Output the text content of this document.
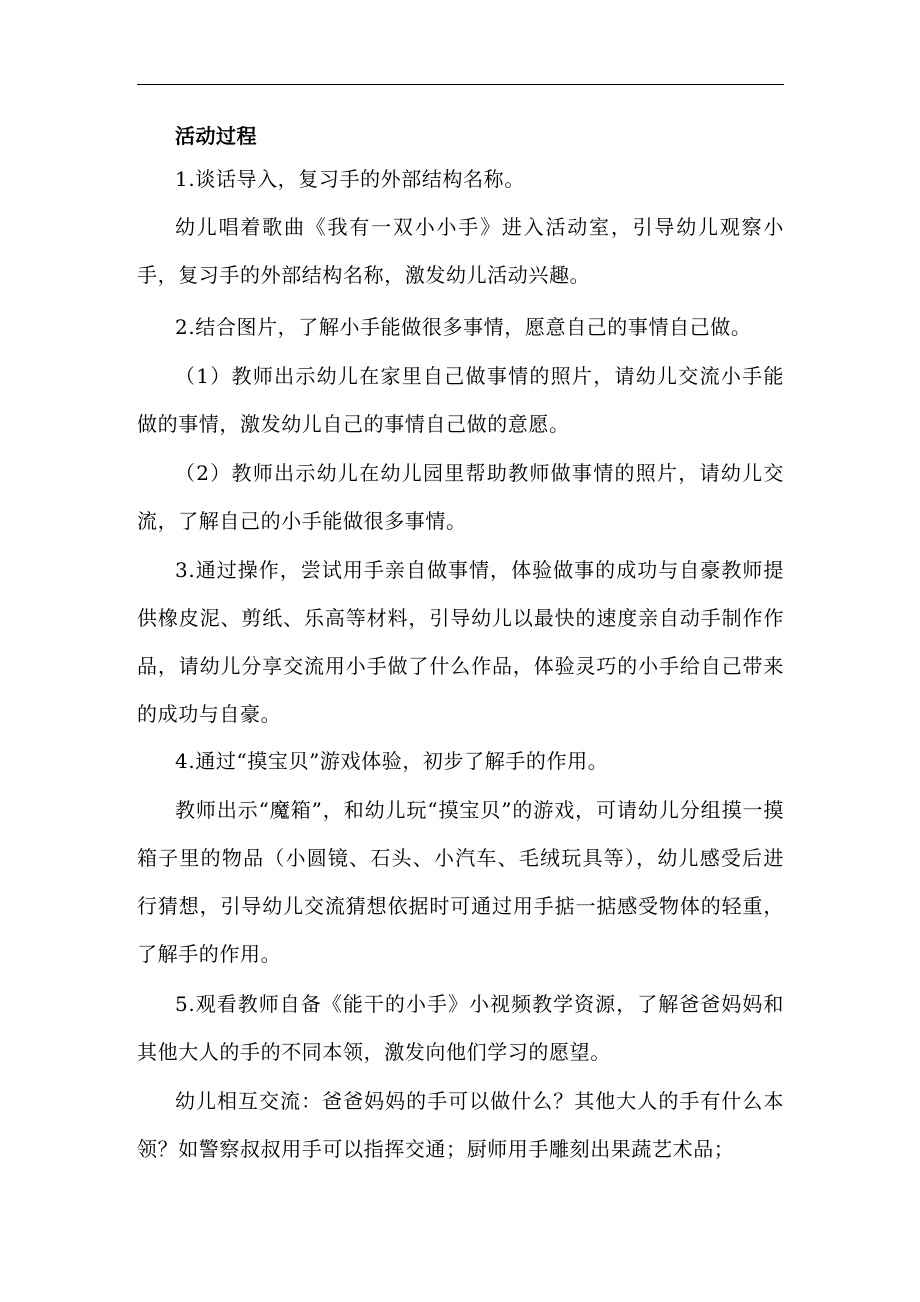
活动过程

1.谈话导入，复习手的外部结构名称。

幼儿唱着歌曲《我有一双小小手》进入活动室，引导幼儿观察小手，复习手的外部结构名称，激发幼儿活动兴趣。

2.结合图片，了解小手能做很多事情，愿意自己的事情自己做。

（1）教师出示幼儿在家里自己做事情的照片，请幼儿交流小手能做的事情，激发幼儿自己的事情自己做的意愿。

（2）教师出示幼儿在幼儿园里帮助教师做事情的照片，请幼儿交流，了解自己的小手能做很多事情。

3.通过操作，尝试用手亲自做事情，体验做事的成功与自豪教师提供橡皮泥、剪纸、乐高等材料，引导幼儿以最快的速度亲自动手制作作品，请幼儿分享交流用小手做了什么作品，体验灵巧的小手给自己带来的成功与自豪。

4.通过“摸宝贝”游戏体验，初步了解手的作用。

教师出示“魔箱”，和幼儿玩“摸宝贝”的游戏，可请幼儿分组摸一摸箱子里的物品（小圆镜、石头、小汽车、毛绒玩具等），幼儿感受后进行猜想，引导幼儿交流猜想依据时可通过用手掂一掂感受物体的轻重，了解手的作用。

5.观看教师自备《能干的小手》小视频教学资源，了解爸爸妈妈和其他大人的手的不同本领，激发向他们学习的愿望。

幼儿相互交流：爸爸妈妈的手可以做什么？其他大人的手有什么本领？如警察叔叔用手可以指挥交通；厨师用手雕刻出果蔬艺术品；
